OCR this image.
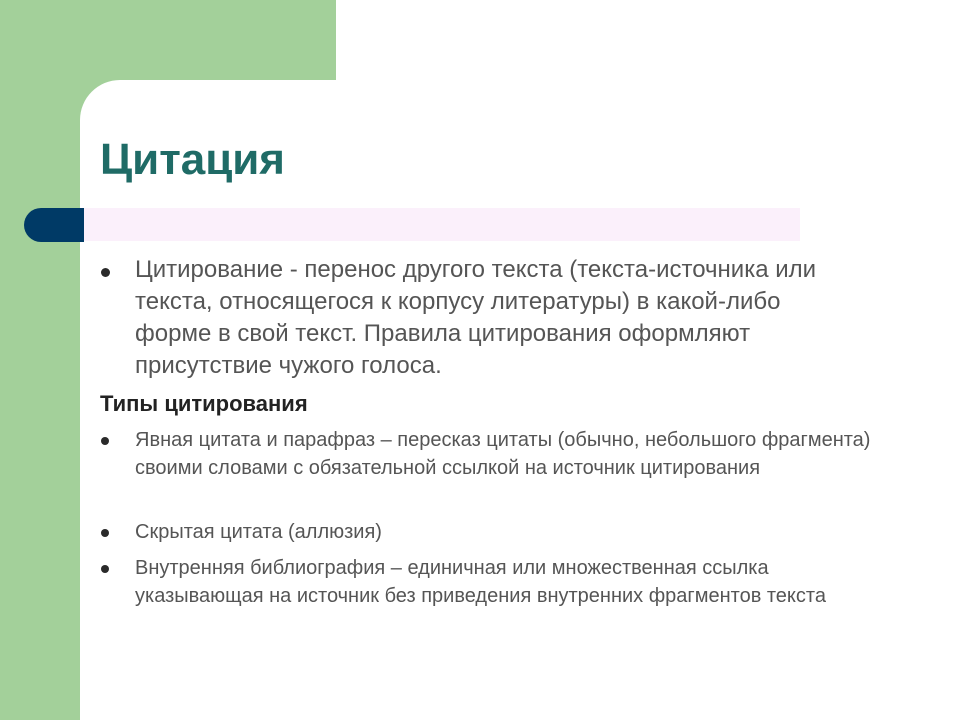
Цитация
Цитирование - перенос другого текста (текста-источника или текста, относящегося к корпусу литературы) в какой-либо форме в свой текст. Правила цитирования оформляют присутствие чужого голоса.
Типы цитирования
Явная цитата и парафраз – пересказ цитаты (обычно, небольшого фрагмента) своими словами с обязательной ссылкой на источник цитирования
Скрытая цитата (аллюзия)
Внутренняя библиография – единичная или множественная ссылка указывающая на источник без приведения внутренних фрагментов текста
